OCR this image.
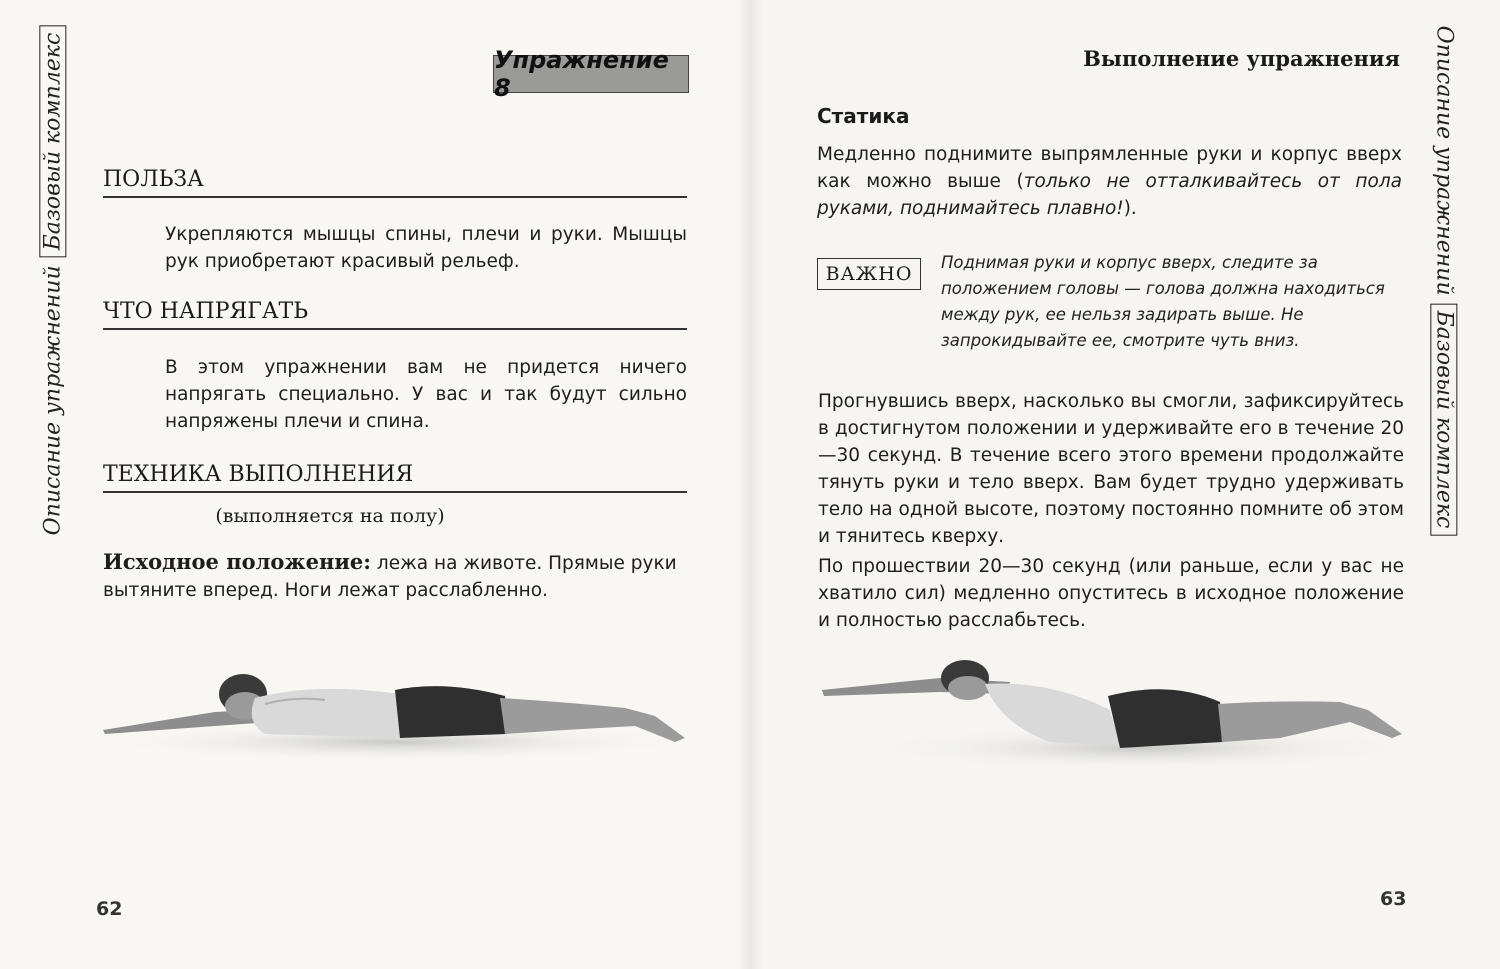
Описание упражнений
Базовый комплекс	Упражнение 8
ПОЛЬЗА
Укрепляются мышцы спины, плечи и руки. Мышцы рук приобретают красивый рельеф.
ЧТО НАПРЯГАТЬ
В этом упражнении вам не придется ничего напрягать специально. У вас и так будут сильно напряжены плечи и спина.
ТЕХНИКА ВЫПОЛНЕНИЯ
(выполняется на полу)
Исходное положение: лежа на животе. Прямые руки вытяните вперед. Ноги лежат расслабленно.
62
Выполнение упражнения Описание упражнений
Базовый комплекс
Статика
Медленно поднимите выпрямленные руки и корпус вверх как можно выше (только не отталкивайтесь от пола руками, поднимайтесь плавно!).
ВАЖНО
Поднимая руки и корпус вверх, следите за положением головы — голова должна находиться между рук, ее нельзя задирать выше. Не запрокидывайте ее, смотрите чуть вниз.
Прогнувшись вверх, насколько вы смогли, зафиксируйтесь в достигнутом положении и удерживайте его в течение 20—30 секунд. В течение всего этого времени продолжайте тянуть руки и тело вверх. Вам будет трудно удерживать тело на одной высоте, поэтому постоянно помните об этом и тянитесь кверху.
По прошествии 20—30 секунд (или раньше, если у вас не хватило сил) медленно опуститесь в исходное положение и полностью расслабьтесь.
63
